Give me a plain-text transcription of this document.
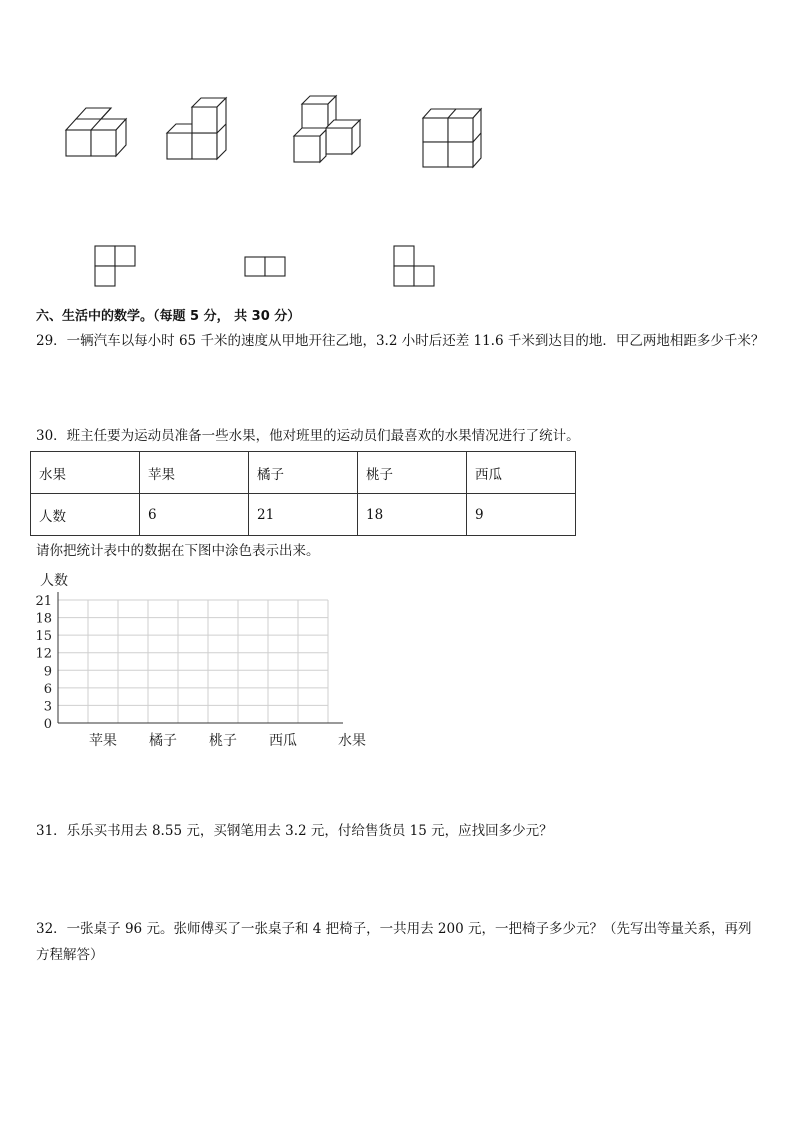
六、生活中的数学。（每题 5 分， 共 30 分）
29．一辆汽车以每小时 65 千米的速度从甲地开往乙地，3.2 小时后还差 11.6 千米到达目的地．甲乙两地相距多少千米？
30．班主任要为运动员准备一些水果，他对班里的运动员们最喜欢的水果情况进行了统计。
水果	苹果	橘子	桃子	西瓜
人数	6	21	18	9
请你把统计表中的数据在下图中涂色表示出来。
0
3
6
9
12
15
18
21
人数
苹果 橘子 桃子 西瓜	水果
31．乐乐买书用去 8.55 元，买钢笔用去 3.2 元，付给售货员 15 元，应找回多少元？
32．一张桌子 96 元。张师傅买了一张桌子和 4 把椅子，一共用去 200 元，一把椅子多少元？（先写出等量关系，再列方程解答）
